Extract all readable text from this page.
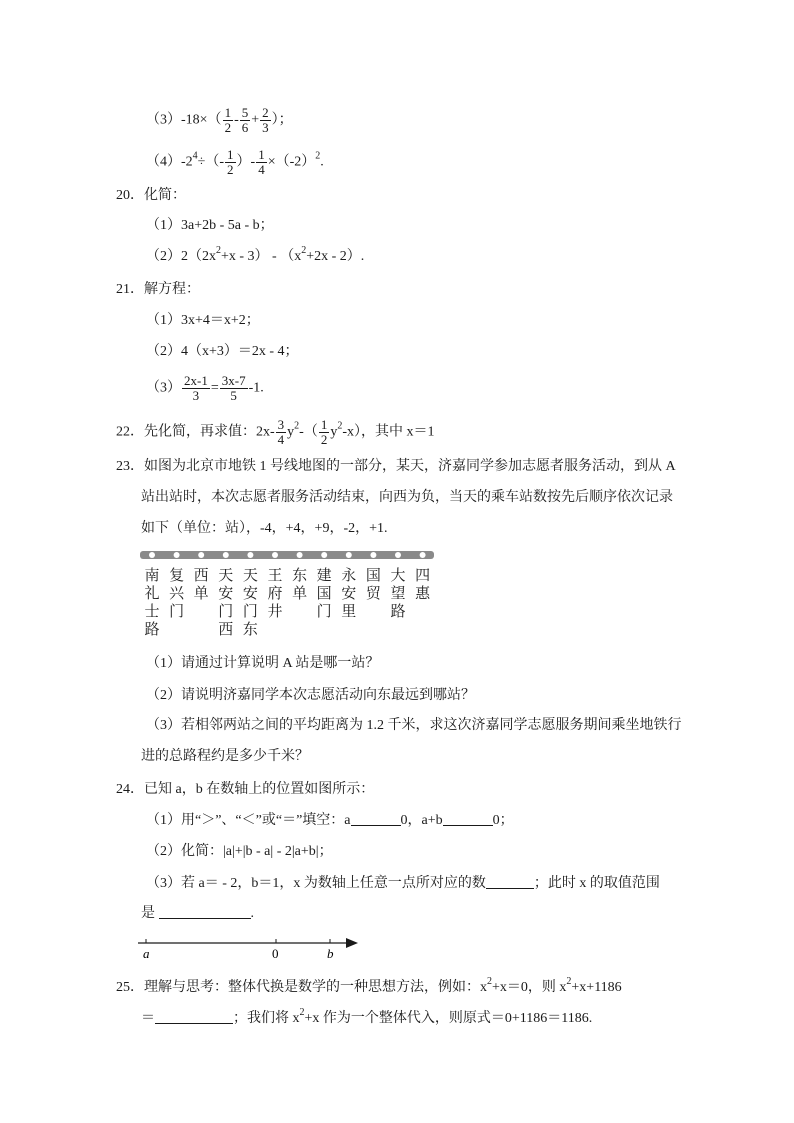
$(3)-18\times( \frac{1}{2} - \frac{5}{6} + \frac{2}{3}$ ）；
$(4)-2^4\div(- \frac{1}{2}$ ）- $\frac{1}{4} \times(-2)^2$.
20．化简：
（1）3a+2b - 5a - b；
$(2)2(2x^2+x - 3) - (x^2+2x - 2)$.
21．解方程：
（1）3x+4＝x+2；
（2）4（x+3）＝2x - 4；
$(3) \frac{2x-1}{3} = \frac{3x-7}{5} -1$.
22．先化简，再求值：$2x- \frac{3}{4} y^2-( \frac{1}{2} y^2-x)$，其中 x＝1
23．如图为北京市地铁 1 号线地图的一部分，某天，济嘉同学参加志愿者服务活动，到从 A
站出站时，本次志愿者服务活动结束，向西为负，当天的乘车站数按先后顺序依次记录
如下（单位：站），-4，+4，+9，-2，+1.
南礼士路
复兴门
西单
天安门西
天安门东
王府井
东单
建国门
永安里
国贸
大望路
四惠
（1）请通过计算说明 A 站是哪一站？
（2）请说明济嘉同学本次志愿活动向东最远到哪站？
（3）若相邻两站之间的平均距离为 1.2 千米，求这次济嘉同学志愿服务期间乘坐地铁行
进的总路程约是多少千米？
24．已知 a，b 在数轴上的位置如图所示：
（1）用“＞”、“＜”或“＝”填空：a	0，a+b	0；
（2）化简：|a|+|b - a| - 2|a+b|；
（3）若 a＝ - 2，b＝1，x 为数轴上任意一点所对应的数	；此时 x 的取值范围
是	.
a	0	b
25．理解与思考：整体代换是数学的一种思想方法，例如：$x^2+x=0$，则 $x^2+x+1186$
＝	；我们将 $x^2+x$ 作为一个整体代入，则原式＝0+1186＝1186.
